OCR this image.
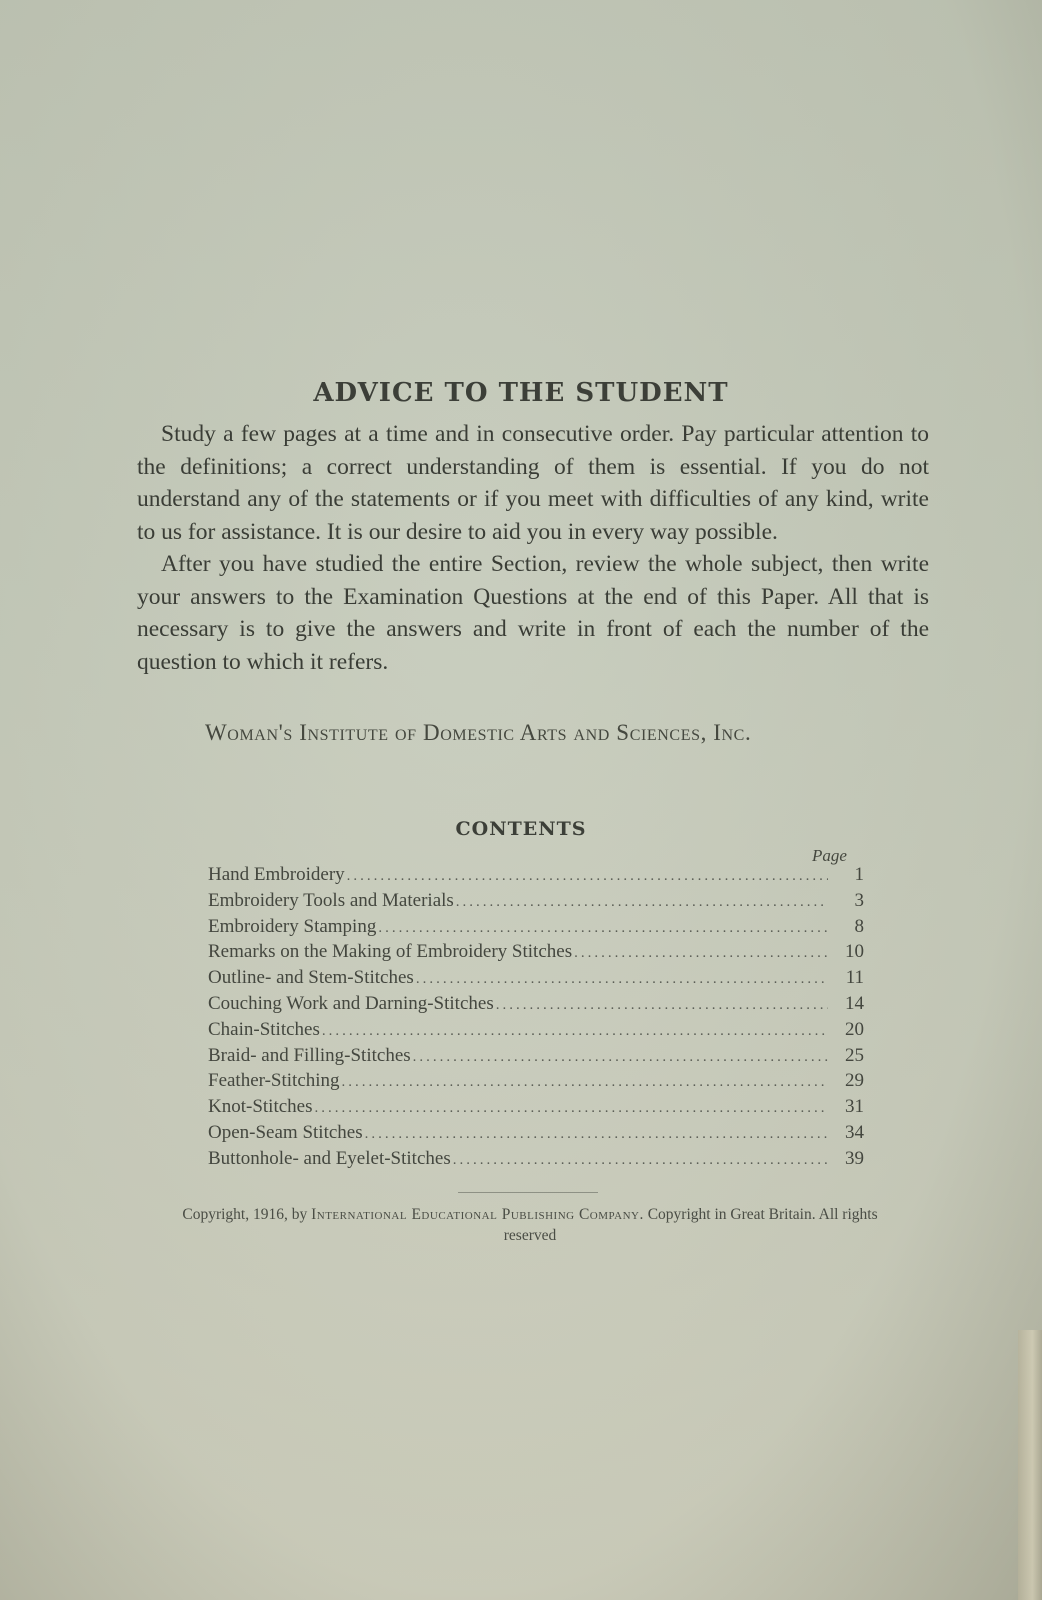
ADVICE TO THE STUDENT

Study a few pages at a time and in consecutive order. Pay particular attention to the definitions; a correct understanding of them is essential. If you do not understand any of the statements or if you meet with difficulties of any kind, write to us for assistance. It is our desire to aid you in every way possible.

After you have studied the entire Section, review the whole subject, then write your answers to the Examination Questions at the end of this Paper. All that is necessary is to give the answers and write in front of each the number of the question to which it refers.

Woman's Institute of Domestic Arts and Sciences, Inc.
CONTENTS
Page
Hand Embroidery .....	1
Embroidery Tools and Materials .....	3
Embroidery Stamping .....	8
Remarks on the Making of Embroidery Stitches .....	10
Outline- and Stem-Stitches .....	11
Couching Work and Darning-Stitches .....	14
Chain-Stitches .....	20
Braid- and Filling-Stitches .....	25
Feather-Stitching .....	29
Knot-Stitches .....	31
Open-Seam Stitches .....	34
Buttonhole- and Eyelet-Stitches .....	39
Copyright, 1916, by International Educational Publishing Company. Copyright in Great Britain. All rights reserved
